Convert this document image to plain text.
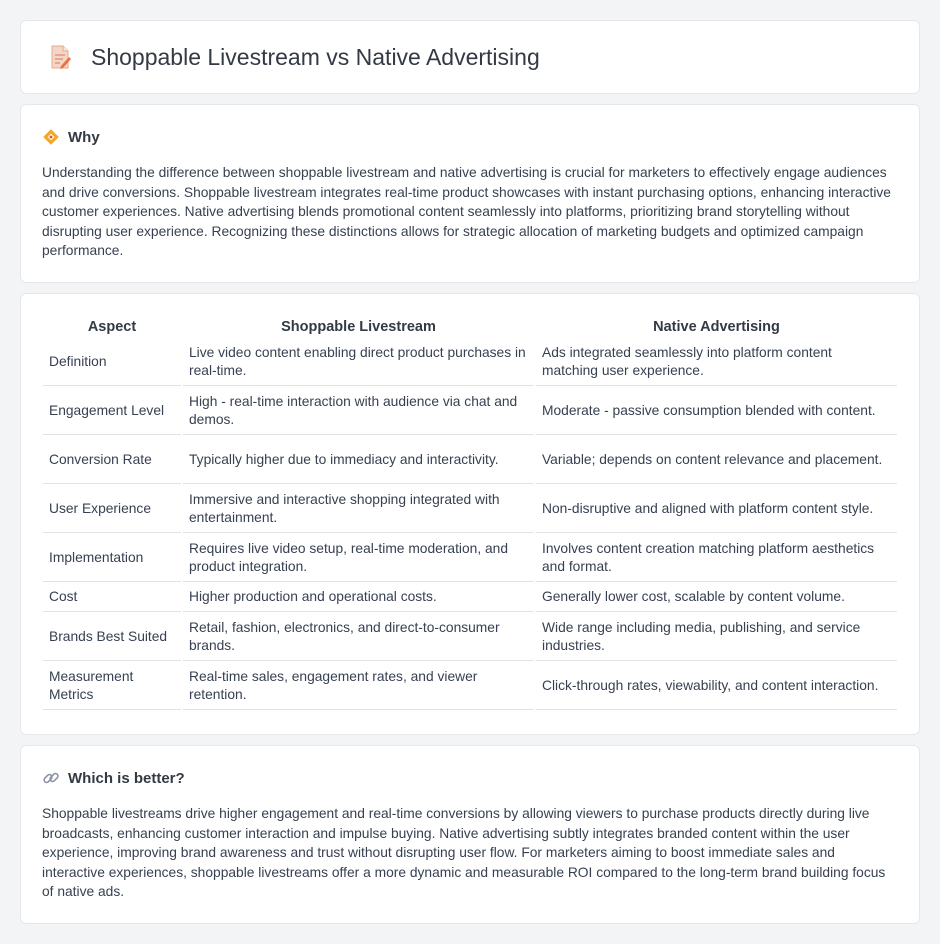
Shoppable Livestream vs Native Advertising
Why

Understanding the difference between shoppable livestream and native advertising is crucial for marketers to effectively engage audiences and drive conversions. Shoppable livestream integrates real-time product showcases with instant purchasing options, enhancing interactive customer experiences. Native advertising blends promotional content seamlessly into platforms, prioritizing brand storytelling without disrupting user experience. Recognizing these distinctions allows for strategic allocation of marketing budgets and optimized campaign performance.

Aspect	Shoppable Livestream	Native Advertising
Definition	Live video content enabling direct product purchases in real-time.	Ads integrated seamlessly into platform content matching user experience.
Engagement Level	High - real-time interaction with audience via chat and demos.	Moderate - passive consumption blended with content.
Conversion Rate	Typically higher due to immediacy and interactivity.	Variable; depends on content relevance and placement.
User Experience	Immersive and interactive shopping integrated with entertainment.	Non-disruptive and aligned with platform content style.
Implementation	Requires live video setup, real-time moderation, and product integration.	Involves content creation matching platform aesthetics and format.
Cost	Higher production and operational costs.	Generally lower cost, scalable by content volume.
Brands Best Suited	Retail, fashion, electronics, and direct-to-consumer brands.	Wide range including media, publishing, and service industries.
Measurement Metrics	Real-time sales, engagement rates, and viewer retention.	Click-through rates, viewability, and content interaction.
Which is better?

Shoppable livestreams drive higher engagement and real-time conversions by allowing viewers to purchase products directly during live broadcasts, enhancing customer interaction and impulse buying. Native advertising subtly integrates branded content within the user experience, improving brand awareness and trust without disrupting user flow. For marketers aiming to boost immediate sales and interactive experiences, shoppable livestreams offer a more dynamic and measurable ROI compared to the long-term brand building focus of native ads.
